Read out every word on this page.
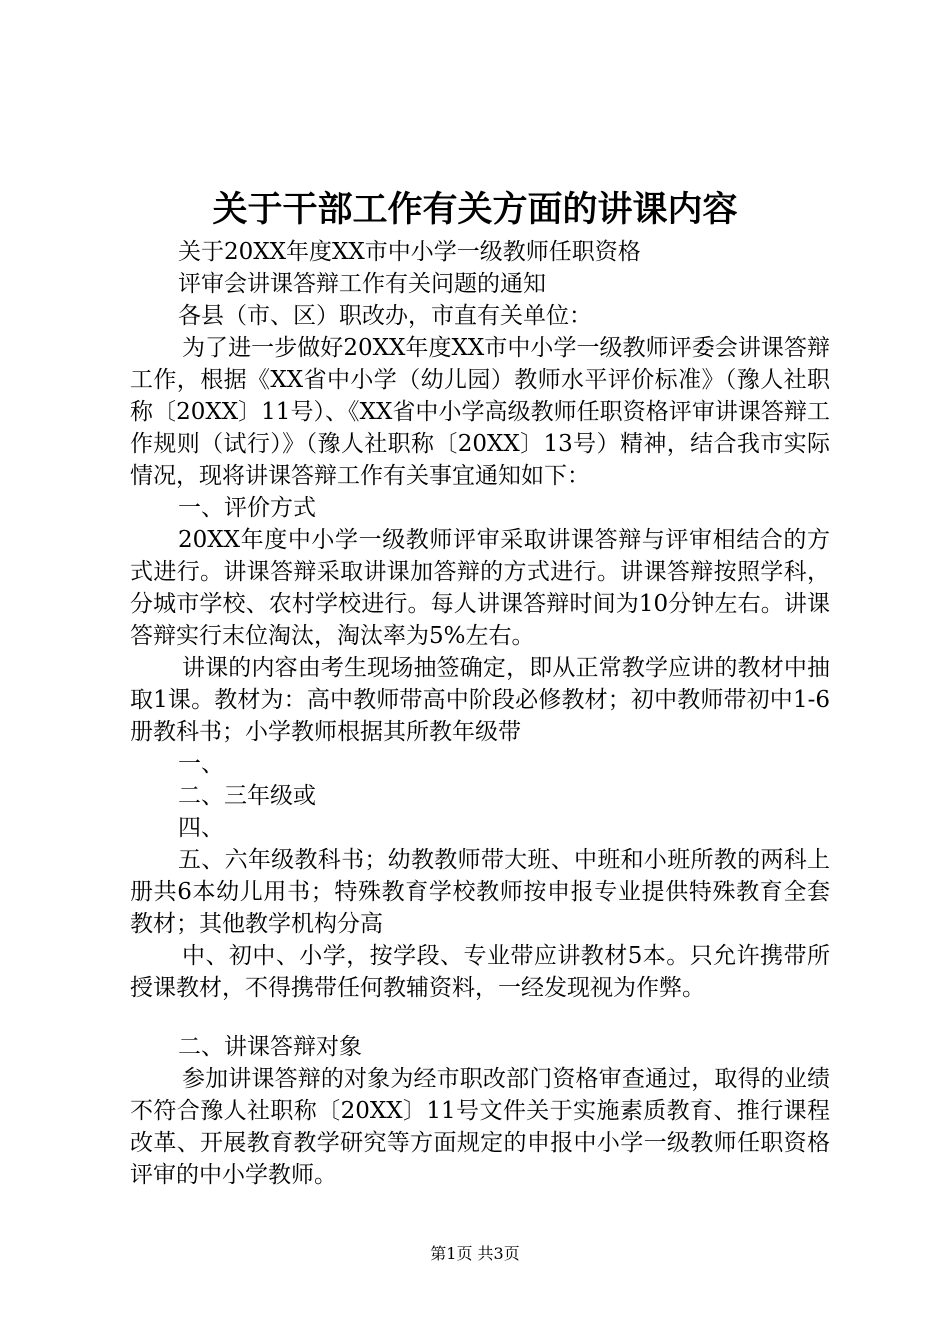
关于干部工作有关方面的讲课内容

关于20XX年度XX市中小学一级教师任职资格

评审会讲课答辩工作有关问题的通知

各县（市、区）职改办，市直有关单位：

为了进一步做好20XX年度XX市中小学一级教师评委会讲课答辩工作，根据《XX省中小学（幼儿园）教师水平评价标准》（豫人社职称〔20XX〕11号）、《XX省中小学高级教师任职资格评审讲课答辩工作规则（试行）》（豫人社职称〔20XX〕13号）精神，结合我市实际情况，现将讲课答辩工作有关事宜通知如下：

一、评价方式

20XX年度中小学一级教师评审采取讲课答辩与评审相结合的方式进行。讲课答辩采取讲课加答辩的方式进行。讲课答辩按照学科，分城市学校、农村学校进行。每人讲课答辩时间为10分钟左右。讲课答辩实行末位淘汰，淘汰率为5%左右。

讲课的内容由考生现场抽签确定，即从正常教学应讲的教材中抽取1课。教材为：高中教师带高中阶段必修教材；初中教师带初中1-6册教科书；小学教师根据其所教年级带

一、

二、三年级或

四、

五、六年级教科书；幼教教师带大班、中班和小班所教的两科上册共6本幼儿用书；特殊教育学校教师按申报专业提供特殊教育全套教材；其他教学机构分高

中、初中、小学，按学段、专业带应讲教材5本。只允许携带所授课教材，不得携带任何教辅资料，一经发现视为作弊。

二、讲课答辩对象

参加讲课答辩的对象为经市职改部门资格审查通过，取得的业绩不符合豫人社职称〔20XX〕11号文件关于实施素质教育、推行课程改革、开展教育教学研究等方面规定的申报中小学一级教师任职资格评审的中小学教师。

第1页 共3页
